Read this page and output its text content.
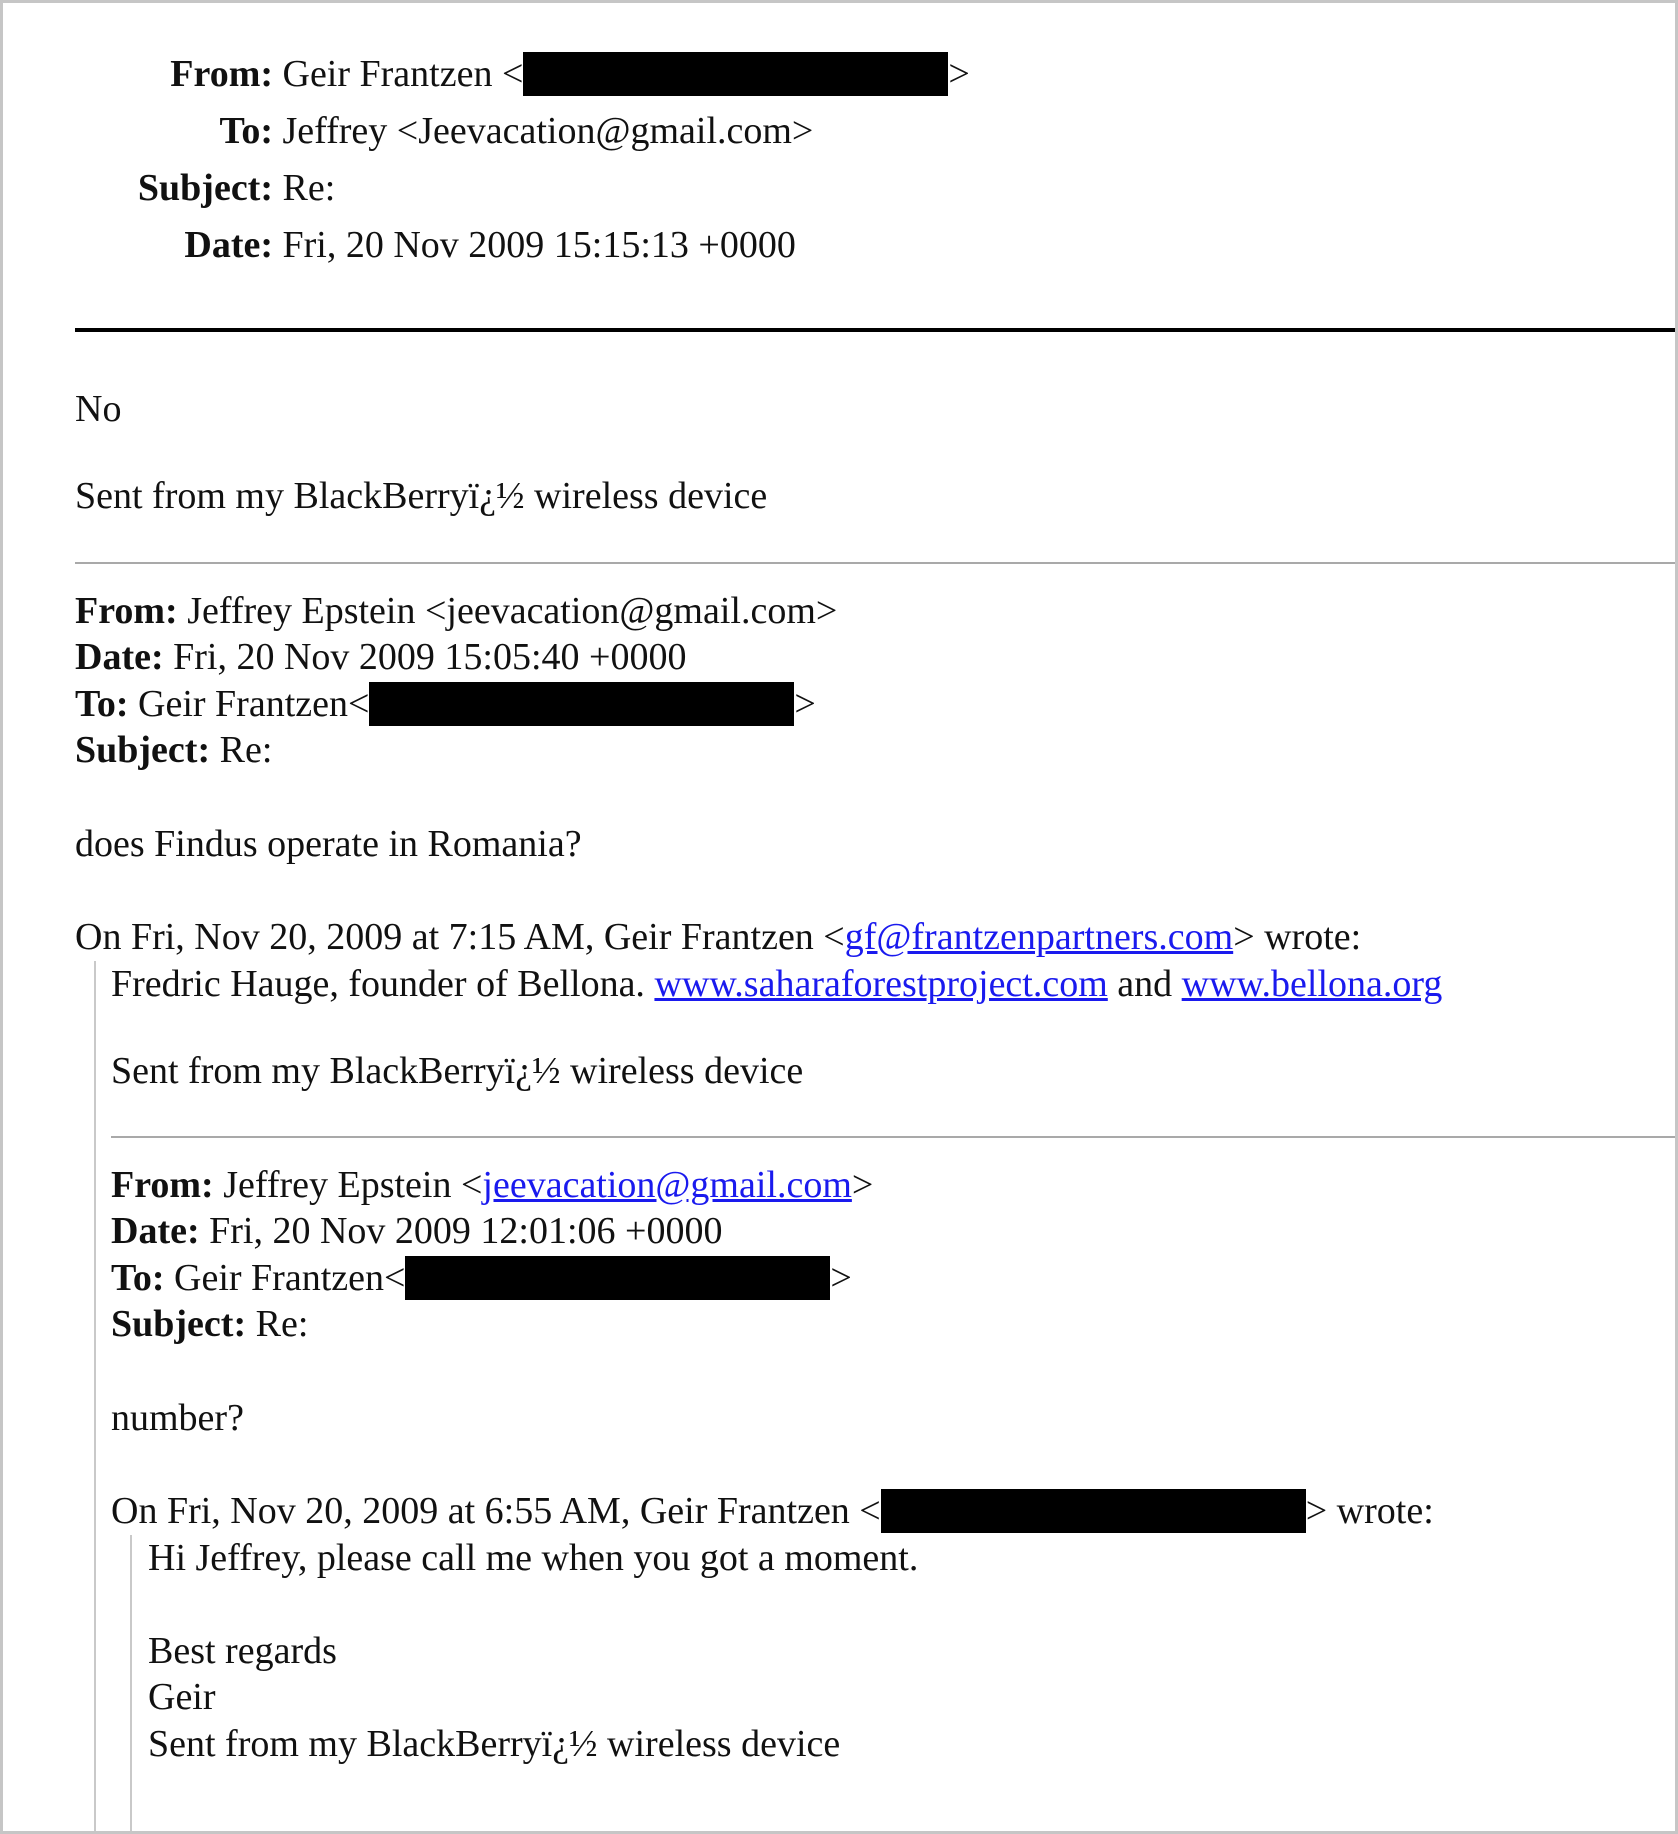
From: Geir Frantzen <	>
To: Jeffrey <Jeevacation@gmail.com>
Subject: Re:
Date: Fri, 20 Nov 2009 15:15:13 +0000
No
Sent from my BlackBerryï¿½ wireless device
From: Jeffrey Epstein <jeevacation@gmail.com>
Date: Fri, 20 Nov 2009 15:05:40 +0000
To: Geir Frantzen<	>
Subject: Re:
does Findus operate in Romania?
On Fri, Nov 20, 2009 at 7:15 AM, Geir Frantzen <gf@frantzenpartners.com> wrote:
Fredric Hauge, founder of Bellona. www.saharaforestproject.com and www.bellona.org
Sent from my BlackBerryï¿½ wireless device
From: Jeffrey Epstein <jeevacation@gmail.com>
Date: Fri, 20 Nov 2009 12:01:06 +0000
To: Geir Frantzen<	>
Subject: Re:
number?
On Fri, Nov 20, 2009 at 6:55 AM, Geir Frantzen <	> wrote:
Hi Jeffrey, please call me when you got a moment.
Best regards
Geir
Sent from my BlackBerryï¿½ wireless device
